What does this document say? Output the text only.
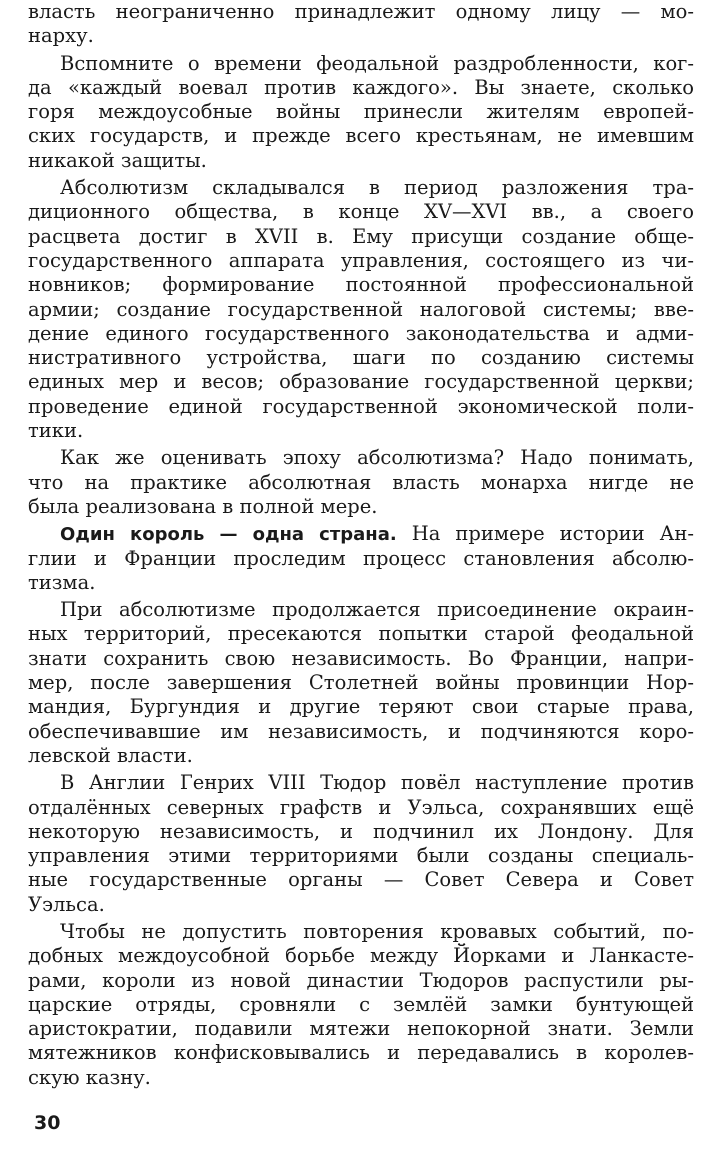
власть неограниченно принадлежит одному лицу — мо-
нарху.
Вспомните о времени феодальной раздробленности, ког-
да «каждый воевал против каждого». Вы знаете, сколько
горя междоусобные войны принесли жителям европей-
ских государств, и прежде всего крестьянам, не имевшим
никакой защиты.
Абсолютизм складывался в период разложения тра-
диционного общества, в конце XV—XVI вв., а своего
расцвета достиг в XVII в. Ему присущи создание обще-
государственного аппарата управления, состоящего из чи-
новников; формирование постоянной профессиональной
армии; создание государственной налоговой системы; вве-
дение единого государственного законодательства и адми-
нистративного устройства, шаги по созданию системы
единых мер и весов; образование государственной церкви;
проведение единой государственной экономической поли-
тики.
Как же оценивать эпоху абсолютизма? Надо понимать,
что на практике абсолютная власть монарха нигде не
была реализована в полной мере.
Один король — одна страна. На примере истории Ан-
глии и Франции проследим процесс становления абсолю-
тизма.
При абсолютизме продолжается присоединение окраин-
ных территорий, пресекаются попытки старой феодальной
знати сохранить свою независимость. Во Франции, напри-
мер, после завершения Столетней войны провинции Нор-
мандия, Бургундия и другие теряют свои старые права,
обеспечивавшие им независимость, и подчиняются коро-
левской власти.
В Англии Генрих VIII Тюдор повёл наступление против
отдалённых северных графств и Уэльса, сохранявших ещё
некоторую независимость, и подчинил их Лондону. Для
управления этими территориями были созданы специаль-
ные государственные органы — Совет Севера и Совет
Уэльса.
Чтобы не допустить повторения кровавых событий, по-
добных междоусобной борьбе между Йорками и Ланкасте-
рами, короли из новой династии Тюдоров распустили ры-
царские отряды, сровняли с землёй замки бунтующей
аристократии, подавили мятежи непокорной знати. Земли
мятежников конфисковывались и передавались в королев-
скую казну.
30
